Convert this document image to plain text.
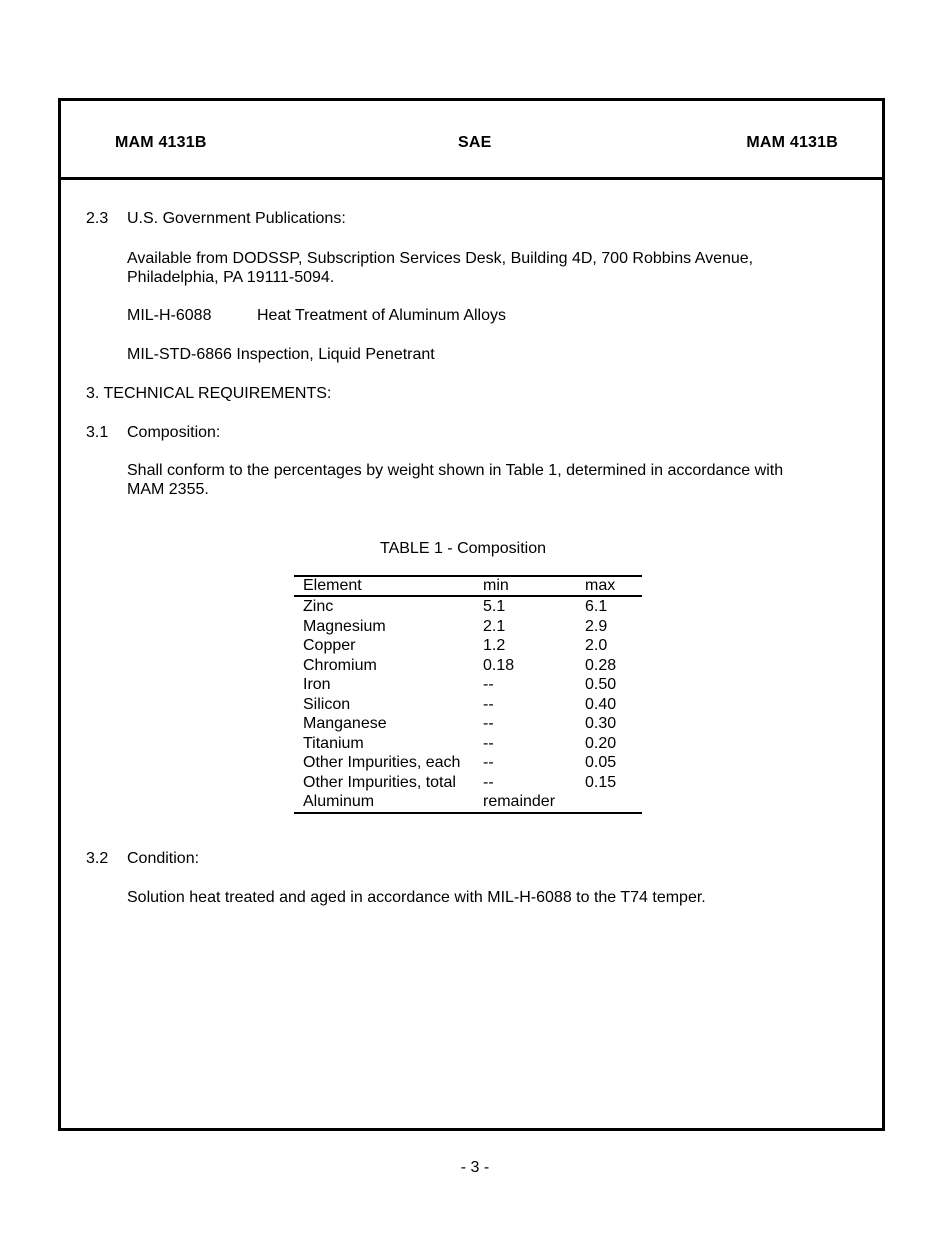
MAM 4131B	SAE	MAM 4131B
2.3 U.S. Government Publications:
Available from DODSSP, Subscription Services Desk, Building 4D, 700 Robbins Avenue,
Philadelphia, PA 19111-5094.
MIL-H-6088	Heat Treatment of Aluminum Alloys
MIL-STD-6866 Inspection, Liquid Penetrant
3. TECHNICAL REQUIREMENTS:
3.1 Composition:
Shall conform to the percentages by weight shown in Table 1, determined in accordance with
MAM 2355.
TABLE 1 - Composition
Element	min	max
Zinc	5.1	6.1
Magnesium	2.1	2.9
Copper	1.2	2.0
Chromium	0.18	0.28
Iron	--	0.50
Silicon	--	0.40
Manganese	--	0.30
Titanium	--	0.20
Other Impurities, each	--	0.05
Other Impurities, total	--	0.15
Aluminum	remainder	
3.2 Condition:
Solution heat treated and aged in accordance with MIL-H-6088 to the T74 temper.
- 3 -
